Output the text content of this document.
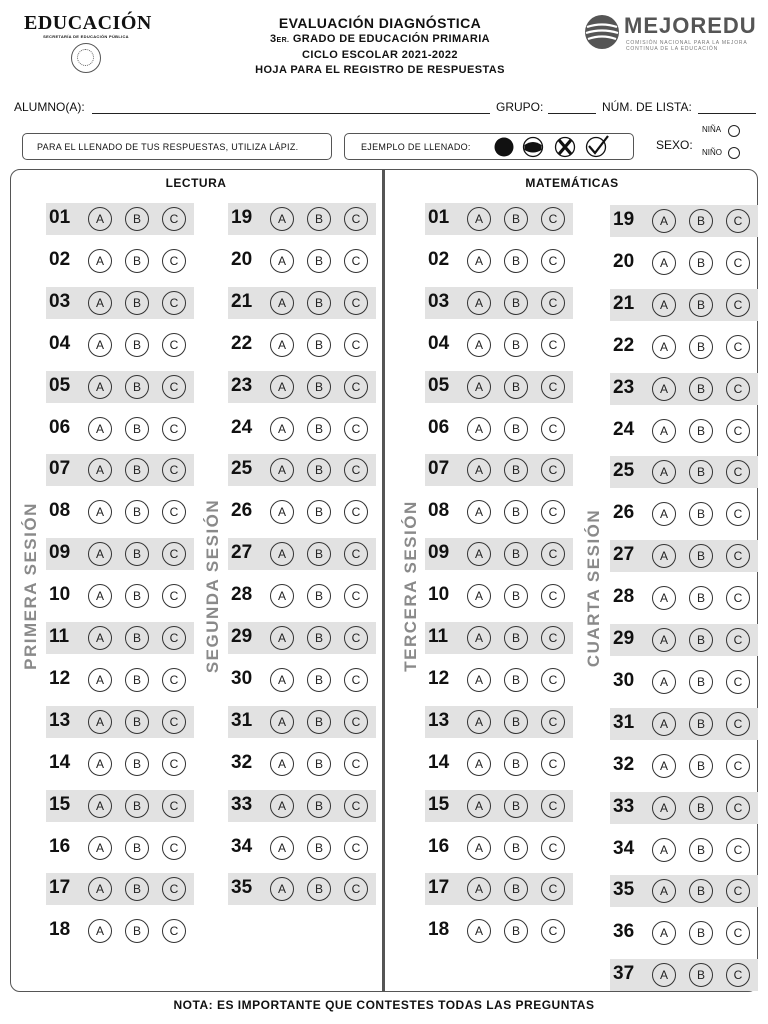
EDUCACIÓN
SECRETARÍA DE EDUCACIÓN PÚBLICA
EVALUACIÓN DIAGNÓSTICA
3ER. GRADO DE EDUCACIÓN PRIMARIA
CICLO ESCOLAR 2021-2022
HOJA PARA EL REGISTRO DE RESPUESTAS
MEJOREDU
COMISIÓN NACIONAL PARA LA MEJORA
CONTINUA DE LA EDUCACIÓN
ALUMNO(A):	GRUPO:	NÚM. DE LISTA:
PARA EL LLENADO DE TUS RESPUESTAS, UTILIZA LÁPIZ.	EJEMPLO DE LLENADO:	SEXO:
NIÑA
NIÑO
LECTURA	MATEMÁTICAS
PRIMERA SESIÓN
01	A	B	C
02	A	B	C
03	A	B	C
04	A	B	C
05	A	B	C
06	A	B	C
07	A	B	C
08	A	B	C
09	A	B	C
10	A	B	C
11	A	B	C
12	A	B	C
13	A	B	C
14	A	B	C
15	A	B	C
16	A	B	C
17	A	B	C
18	A	B	C
SEGUNDA SESIÓN
19	A	B	C
20	A	B	C
21	A	B	C
22	A	B	C
23	A	B	C
24	A	B	C
25	A	B	C
26	A	B	C
27	A	B	C
28	A	B	C
29	A	B	C
30	A	B	C
31	A	B	C
32	A	B	C
33	A	B	C
34	A	B	C
35	A	B	C
TERCERA SESIÓN
01	A	B	C
02	A	B	C
03	A	B	C
04	A	B	C
05	A	B	C
06	A	B	C
07	A	B	C
08	A	B	C
09	A	B	C
10	A	B	C
11	A	B	C
12	A	B	C
13	A	B	C
14	A	B	C
15	A	B	C
16	A	B	C
17	A	B	C
18	A	B	C
CUARTA SESIÓN
19	A	B	C
20	A	B	C
21	A	B	C
22	A	B	C
23	A	B	C
24	A	B	C
25	A	B	C
26	A	B	C
27	A	B	C
28	A	B	C
29	A	B	C
30	A	B	C
31	A	B	C
32	A	B	C
33	A	B	C
34	A	B	C
35	A	B	C
36	A	B	C
37	A	B	C
NOTA: ES IMPORTANTE QUE CONTESTES TODAS LAS PREGUNTAS
